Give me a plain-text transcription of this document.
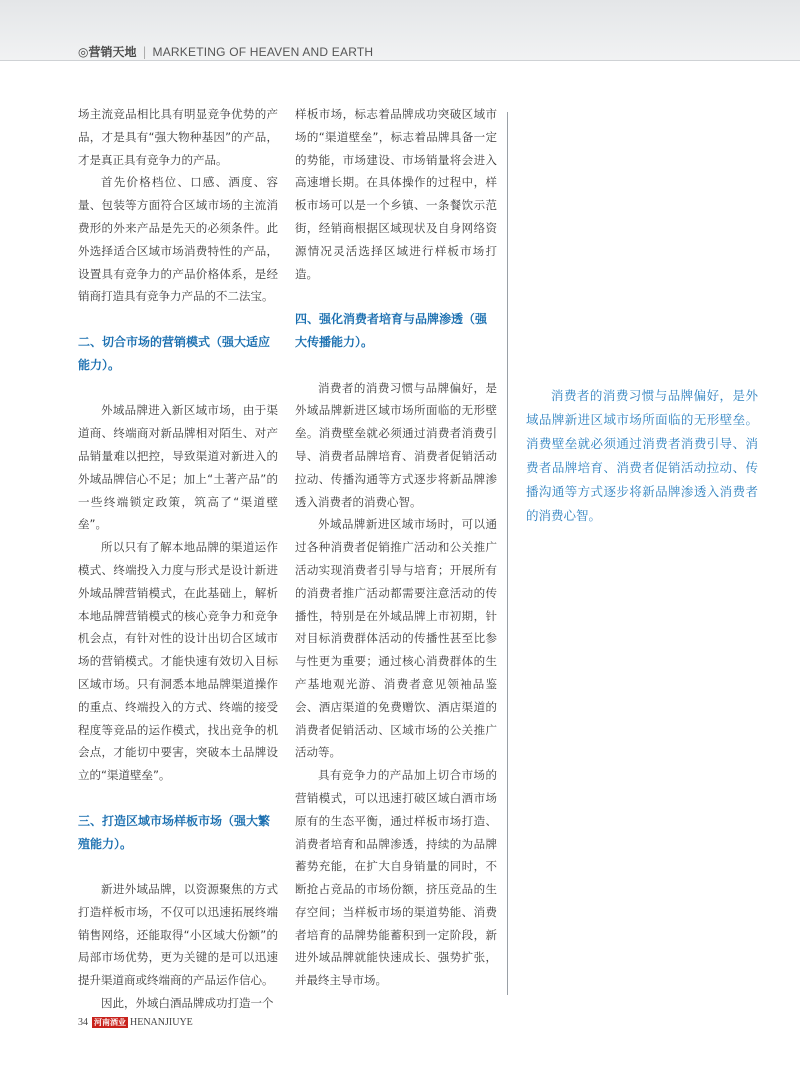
◎营销天地 | MARKETING OF HEAVEN AND EARTH

场主流竞品相比具有明显竞争优势的产品，才是具有“强大物种基因”的产品，才是真正具有竞争力的产品。

首先价格档位、口感、酒度、容量、包装等方面符合区域市场的主流消费形的外来产品是先天的必须条件。此外选择适合区域市场消费特性的产品，设置具有竞争力的产品价格体系，是经销商打造具有竞争力产品的不二法宝。

二、切合市场的营销模式（强大适应能力）。

外域品牌进入新区域市场，由于渠道商、终端商对新品牌相对陌生、对产品销量难以把控，导致渠道对新进入的外域品牌信心不足；加上“土著产品”的一些终端锁定政策，筑高了“渠道壁垒”。

所以只有了解本地品牌的渠道运作模式、终端投入力度与形式是设计新进外域品牌营销模式，在此基础上，解析本地品牌营销模式的核心竞争力和竞争机会点，有针对性的设计出切合区域市场的营销模式。才能快速有效切入目标区域市场。只有洞悉本地品牌渠道操作的重点、终端投入的方式、终端的接受程度等竞品的运作模式，找出竞争的机会点，才能切中要害，突破本土品牌设立的“渠道壁垒”。

三、打造区域市场样板市场（强大繁殖能力）。

新进外域品牌，以资源聚焦的方式打造样板市场，不仅可以迅速拓展终端销售网络，还能取得“小区域大份额”的局部市场优势，更为关键的是可以迅速提升渠道商或终端商的产品运作信心。

因此，外域白酒品牌成功打造一个

样板市场，标志着品牌成功突破区域市场的“渠道壁垒”，标志着品牌具备一定的势能，市场建设、市场销量将会进入高速增长期。在具体操作的过程中，样板市场可以是一个乡镇、一条餐饮示范街，经销商根据区域现状及自身网络资源情况灵活选择区域进行样板市场打造。

四、强化消费者培育与品牌渗透（强大传播能力）。

消费者的消费习惯与品牌偏好，是外域品牌新进区域市场所面临的无形壁垒。消费壁垒就必须通过消费者消费引导、消费者品牌培育、消费者促销活动拉动、传播沟通等方式逐步将新品牌渗透入消费者的消费心智。

外域品牌新进区域市场时，可以通过各种消费者促销推广活动和公关推广活动实现消费者引导与培育；开展所有的消费者推广活动都需要注意活动的传播性，特别是在外域品牌上市初期，针对目标消费群体活动的传播性甚至比参与性更为重要；通过核心消费群体的生产基地观光游、消费者意见领袖品鉴会、酒店渠道的免费赠饮、酒店渠道的消费者促销活动、区域市场的公关推广活动等。

具有竞争力的产品加上切合市场的营销模式，可以迅速打破区域白酒市场原有的生态平衡，通过样板市场打造、消费者培育和品牌渗透，持续的为品牌蓄势充能，在扩大自身销量的同时，不断抢占竞品的市场份额，挤压竞品的生存空间；当样板市场的渠道势能、消费者培育的品牌势能蓄积到一定阶段，新进外域品牌就能快速成长、强势扩张，并最终主导市场。

消费者的消费习惯与品牌偏好，是外域品牌新进区域市场所面临的无形壁垒。消费壁垒就必须通过消费者消费引导、消费者品牌培育、消费者促销活动拉动、传播沟通等方式逐步将新品牌渗透入消费者的消费心智。

34 河南酒业 HENANJIUYE
